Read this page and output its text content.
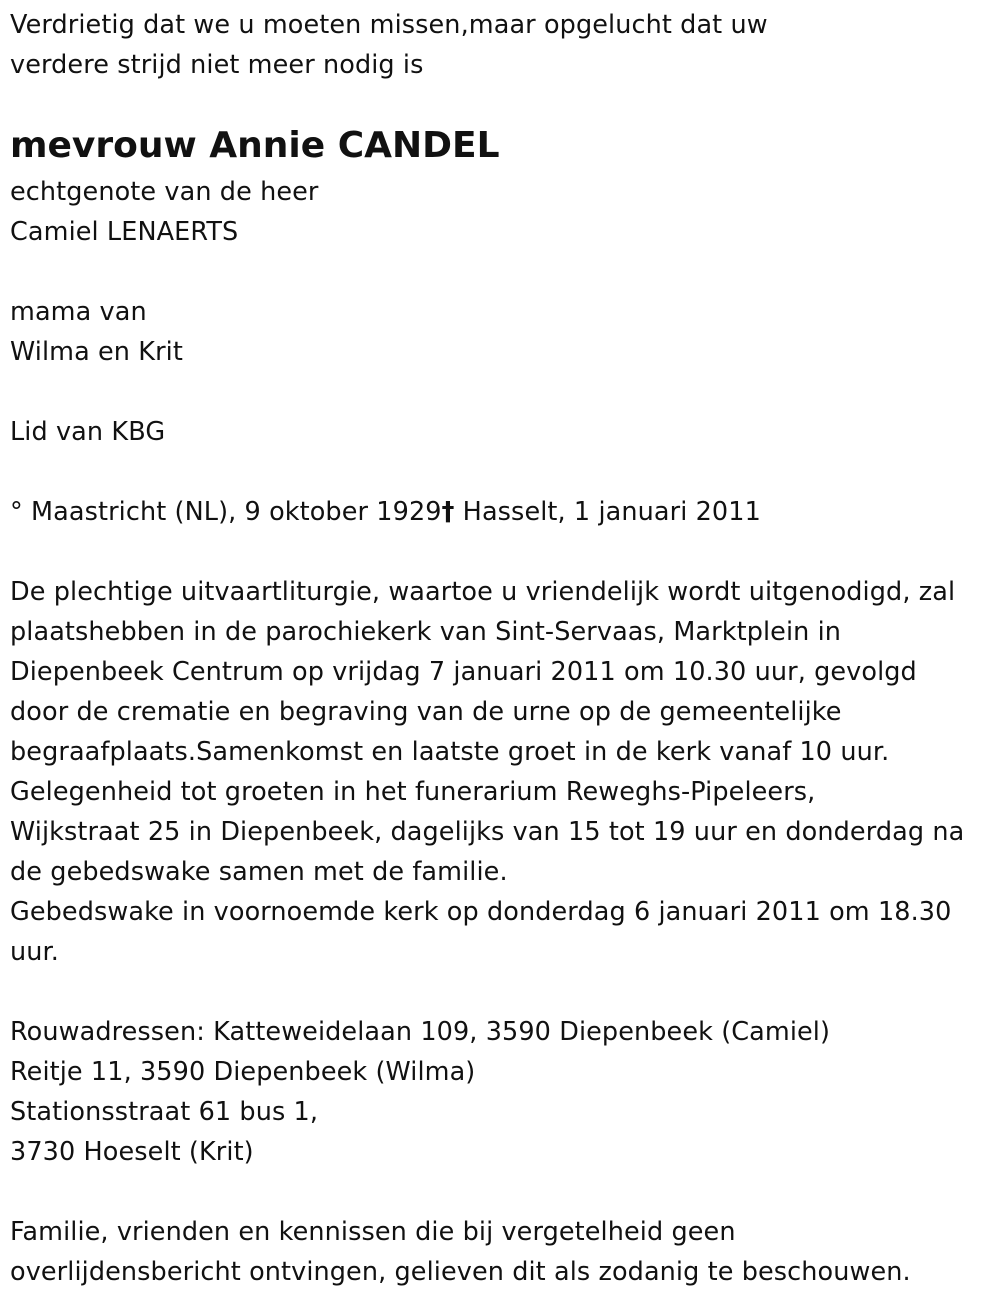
Verdrietig dat we u moeten missen,maar opgelucht dat uw
verdere strijd niet meer nodig is
mevrouw Annie CANDEL
echtgenote van de heer
Camiel LENAERTS
mama van
Wilma en Krit
Lid van KBG
° Maastricht (NL), 9 oktober 1929† Hasselt, 1 januari 2011
De plechtige uitvaartliturgie, waartoe u vriendelijk wordt uitgenodigd, zal
plaatshebben in de parochiekerk van Sint-Servaas, Marktplein in
Diepenbeek Centrum op vrijdag 7 januari 2011 om 10.30 uur, gevolgd
door de crematie en begraving van de urne op de gemeentelijke
begraafplaats.Samenkomst en laatste groet in de kerk vanaf 10 uur.
Gelegenheid tot groeten in het funerarium Reweghs-Pipeleers,
Wijkstraat 25 in Diepenbeek, dagelijks van 15 tot 19 uur en donderdag na
de gebedswake samen met de familie.
Gebedswake in voornoemde kerk op donderdag 6 januari 2011 om 18.30
uur.
Rouwadressen: Katteweidelaan 109, 3590 Diepenbeek (Camiel)
Reitje 11, 3590 Diepenbeek (Wilma)
Stationsstraat 61 bus 1,
3730 Hoeselt (Krit)
Familie, vrienden en kennissen die bij vergetelheid geen
overlijdensbericht ontvingen, gelieven dit als zodanig te beschouwen.
